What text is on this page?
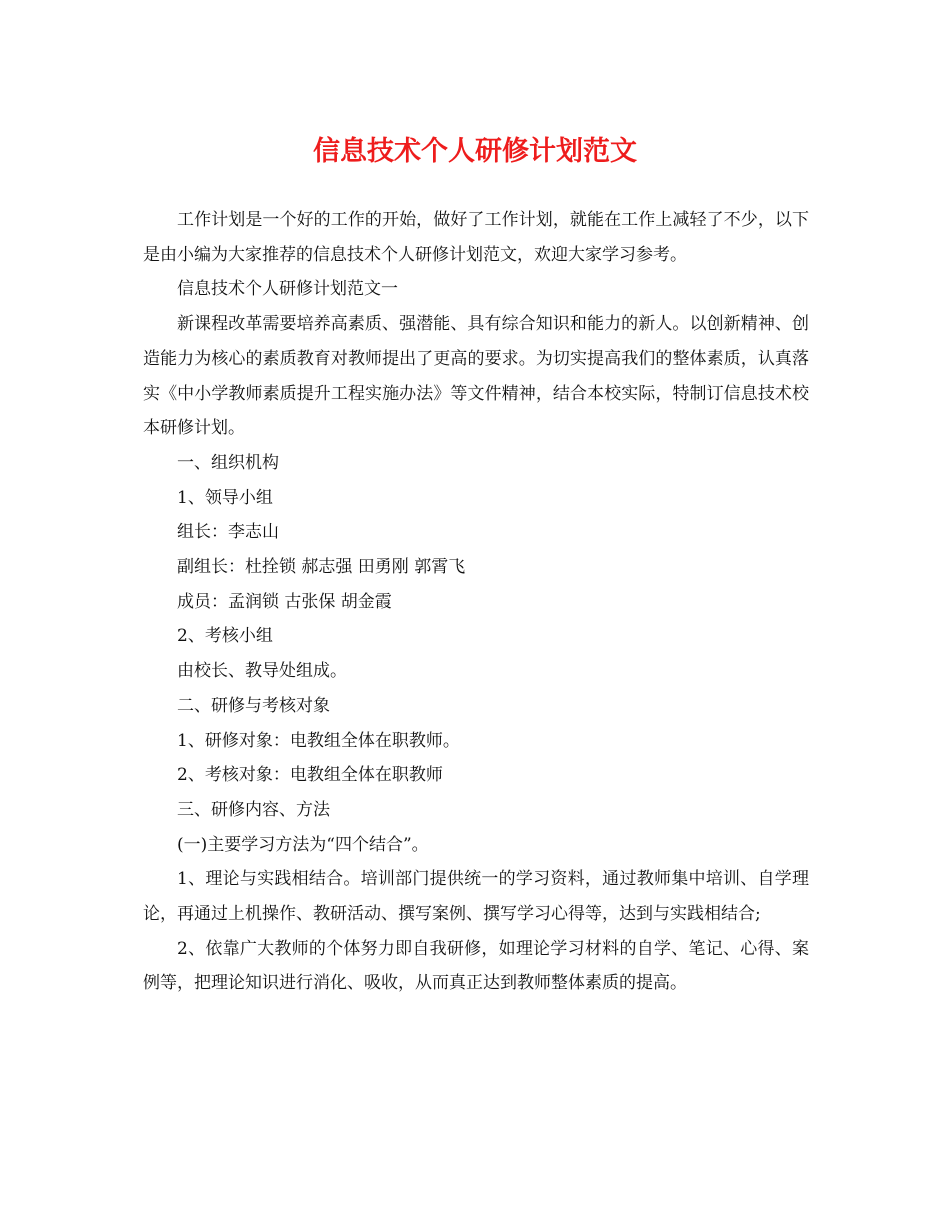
信息技术个人研修计划范文

工作计划是一个好的工作的开始，做好了工作计划，就能在工作上减轻了不少，以下是由小编为大家推荐的信息技术个人研修计划范文，欢迎大家学习参考。

信息技术个人研修计划范文一

新课程改革需要培养高素质、强潜能、具有综合知识和能力的新人。以创新精神、创造能力为核心的素质教育对教师提出了更高的要求。为切实提高我们的整体素质，认真落实《中小学教师素质提升工程实施办法》等文件精神，结合本校实际，特制订信息技术校本研修计划。

一、组织机构

1、领导小组

组长：李志山

副组长：杜拴锁 郝志强 田勇刚 郭霄飞

成员：孟润锁 古张保 胡金霞

2、考核小组

由校长、教导处组成。

二、研修与考核对象

1、研修对象：电教组全体在职教师。

2、考核对象：电教组全体在职教师

三、研修内容、方法

(一)主要学习方法为“四个结合”。

1、理论与实践相结合。培训部门提供统一的学习资料，通过教师集中培训、自学理论，再通过上机操作、教研活动、撰写案例、撰写学习心得等，达到与实践相结合;

2、依靠广大教师的个体努力即自我研修，如理论学习材料的自学、笔记、心得、案例等，把理论知识进行消化、吸收，从而真正达到教师整体素质的提高。
